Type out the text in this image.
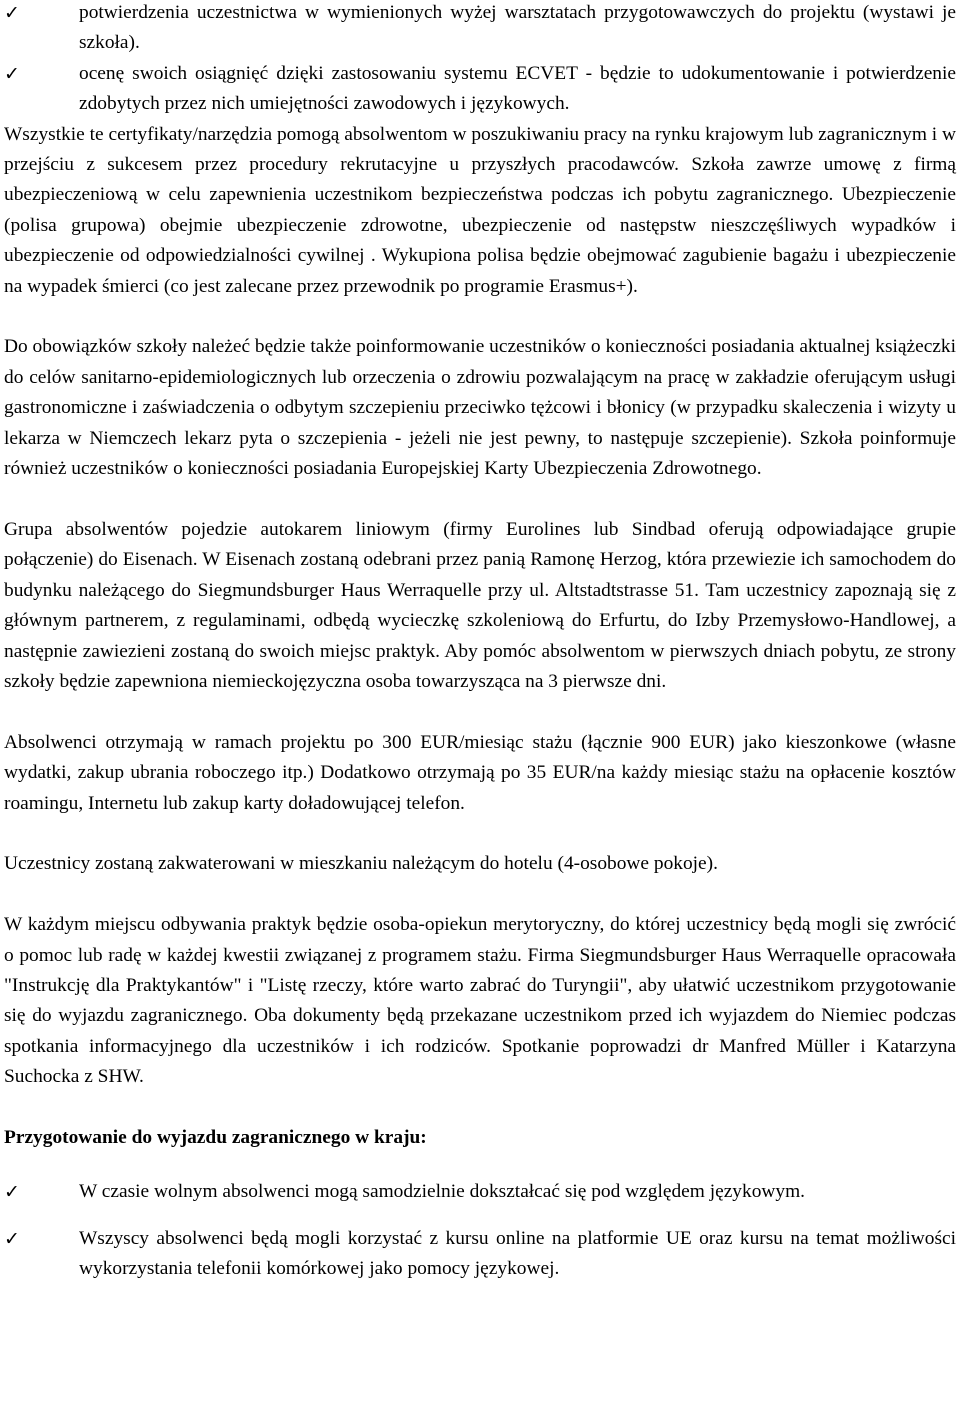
✓	potwierdzenia uczestnictwa w wymienionych wyżej warsztatach przygotowawczych do projektu (wystawi je szkoła).
✓	ocenę swoich osiągnięć dzięki zastosowaniu systemu ECVET - będzie to udokumentowanie i potwierdzenie zdobytych przez nich umiejętności zawodowych i językowych.

Wszystkie te certyfikaty/narzędzia pomogą absolwentom w poszukiwaniu pracy na rynku krajowym lub zagranicznym i w przejściu z sukcesem przez procedury rekrutacyjne u przyszłych pracodawców. Szkoła zawrze umowę z firmą ubezpieczeniową w celu zapewnienia uczestnikom bezpieczeństwa podczas ich pobytu zagranicznego. Ubezpieczenie (polisa grupowa) obejmie ubezpieczenie zdrowotne, ubezpieczenie od następstw nieszczęśliwych wypadków i ubezpieczenie od odpowiedzialności cywilnej . Wykupiona polisa będzie obejmować zagubienie bagażu i ubezpieczenie na wypadek śmierci (co jest zalecane przez przewodnik po programie Erasmus+).

Do obowiązków szkoły należeć będzie także poinformowanie uczestników o konieczności posiadania aktualnej książeczki do celów sanitarno-epidemiologicznych lub orzeczenia o zdrowiu pozwalającym na pracę w zakładzie oferującym usługi gastronomiczne i zaświadczenia o odbytym szczepieniu przeciwko tężcowi i błonicy (w przypadku skaleczenia i wizyty u lekarza w Niemczech lekarz pyta o szczepienia - jeżeli nie jest pewny, to następuje szczepienie). Szkoła poinformuje również uczestników o konieczności posiadania Europejskiej Karty Ubezpieczenia Zdrowotnego.

Grupa absolwentów pojedzie autokarem liniowym (firmy Eurolines lub Sindbad oferują odpowiadające grupie połączenie) do Eisenach. W Eisenach zostaną odebrani przez panią Ramonę Herzog, która przewiezie ich samochodem do budynku należącego do Siegmundsburger Haus Werraquelle przy ul. Altstadtstrasse 51. Tam uczestnicy zapoznają się z głównym partnerem, z regulaminami, odbędą wycieczkę szkoleniową do Erfurtu, do Izby Przemysłowo-Handlowej, a następnie zawiezieni zostaną do swoich miejsc praktyk. Aby pomóc absolwentom w pierwszych dniach pobytu, ze strony szkoły będzie zapewniona niemieckojęzyczna osoba towarzysząca na 3 pierwsze dni.

Absolwenci otrzymają w ramach projektu po 300 EUR/miesiąc stażu (łącznie 900 EUR) jako kieszonkowe (własne wydatki, zakup ubrania roboczego itp.) Dodatkowo otrzymają po 35 EUR/na każdy miesiąc stażu na opłacenie kosztów roamingu, Internetu lub zakup karty doładowującej telefon.

Uczestnicy zostaną zakwaterowani w mieszkaniu należącym do hotelu (4-osobowe pokoje).

W każdym miejscu odbywania praktyk będzie osoba-opiekun merytoryczny, do której uczestnicy będą mogli się zwrócić o pomoc lub radę w każdej kwestii związanej z programem stażu. Firma Siegmundsburger Haus Werraquelle opracowała "Instrukcję dla Praktykantów" i "Listę rzeczy, które warto zabrać do Turyngii", aby ułatwić uczestnikom przygotowanie się do wyjazdu zagranicznego. Oba dokumenty będą przekazane uczestnikom przed ich wyjazdem do Niemiec podczas spotkania informacyjnego dla uczestników i ich rodziców. Spotkanie poprowadzi dr Manfred Müller i Katarzyna Suchocka z SHW.

Przygotowanie do wyjazdu zagranicznego w kraju:

✓	W czasie wolnym absolwenci mogą samodzielnie dokształcać się pod względem językowym.
✓	Wszyscy absolwenci będą mogli korzystać z kursu online na platformie UE oraz kursu na temat możliwości wykorzystania telefonii komórkowej jako pomocy językowej.
